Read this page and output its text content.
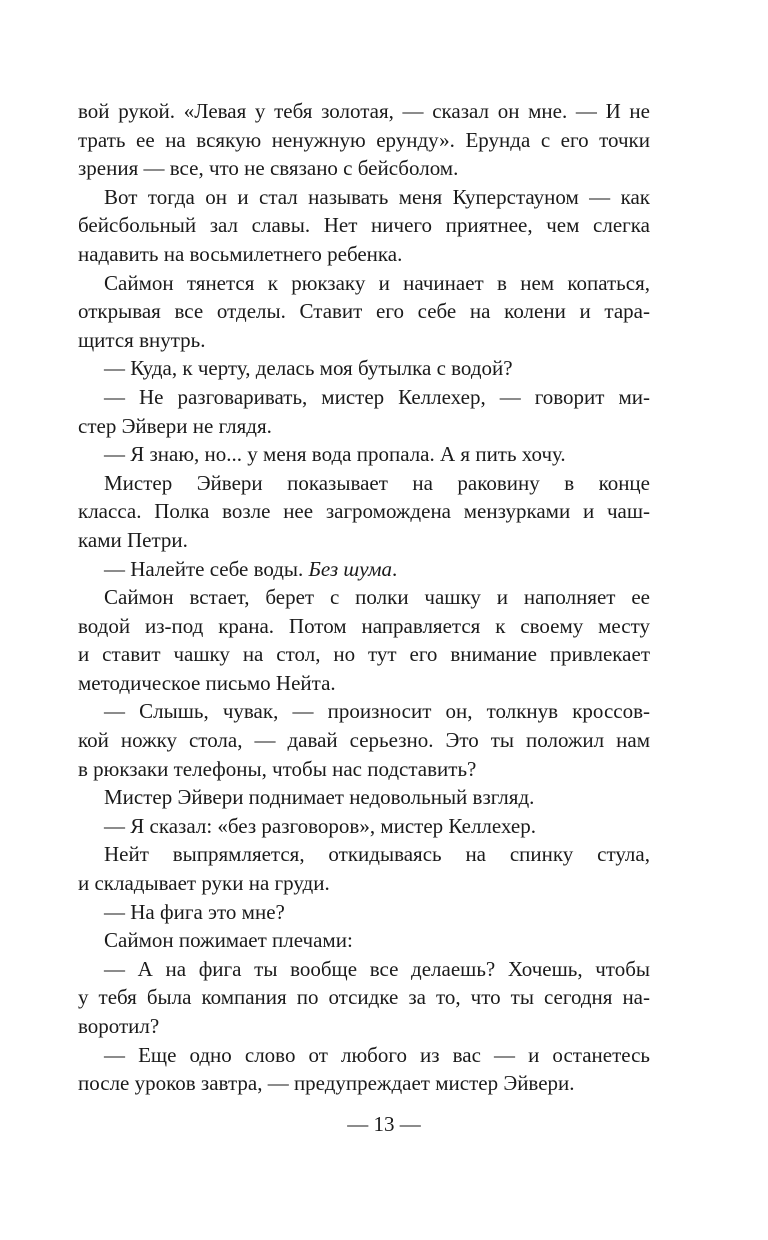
вой рукой. «Левая у тебя золотая, — сказал он мне. — И не
трать ее на всякую ненужную ерунду». Ерунда с его точки
зрения — все, что не связано с бейсболом.
Вот тогда он и стал называть меня Куперстауном — как
бейсбольный зал славы. Нет ничего приятнее, чем слегка
надавить на восьмилетнего ребенка.
Саймон тянется к рюкзаку и начинает в нем копаться,
открывая все отделы. Ставит его себе на колени и тара-
щится внутрь.
— Куда, к черту, делась моя бутылка с водой?
— Не разговаривать, мистер Келлехер, — говорит ми-
стер Эйвери не глядя.
— Я знаю, но... у меня вода пропала. А я пить хочу.
Мистер Эйвери показывает на раковину в конце
класса. Полка возле нее загромождена мензурками и чаш-
ками Петри.
— Налейте себе воды. Без шума.
Саймон встает, берет с полки чашку и наполняет ее
водой из-под крана. Потом направляется к своему месту
и ставит чашку на стол, но тут его внимание привлекает
методическое письмо Нейта.
— Слышь, чувак, — произносит он, толкнув кроссов-
кой ножку стола, — давай серьезно. Это ты положил нам
в рюкзаки телефоны, чтобы нас подставить?
Мистер Эйвери поднимает недовольный взгляд.
— Я сказал: «без разговоров», мистер Келлехер.
Нейт выпрямляется, откидываясь на спинку стула,
и складывает руки на груди.
— На фига это мне?
Саймон пожимает плечами:
— А на фига ты вообще все делаешь? Хочешь, чтобы
у тебя была компания по отсидке за то, что ты сегодня на-
воротил?
— Еще одно слово от любого из вас — и останетесь
после уроков завтра, — предупреждает мистер Эйвери.
— 13 —
